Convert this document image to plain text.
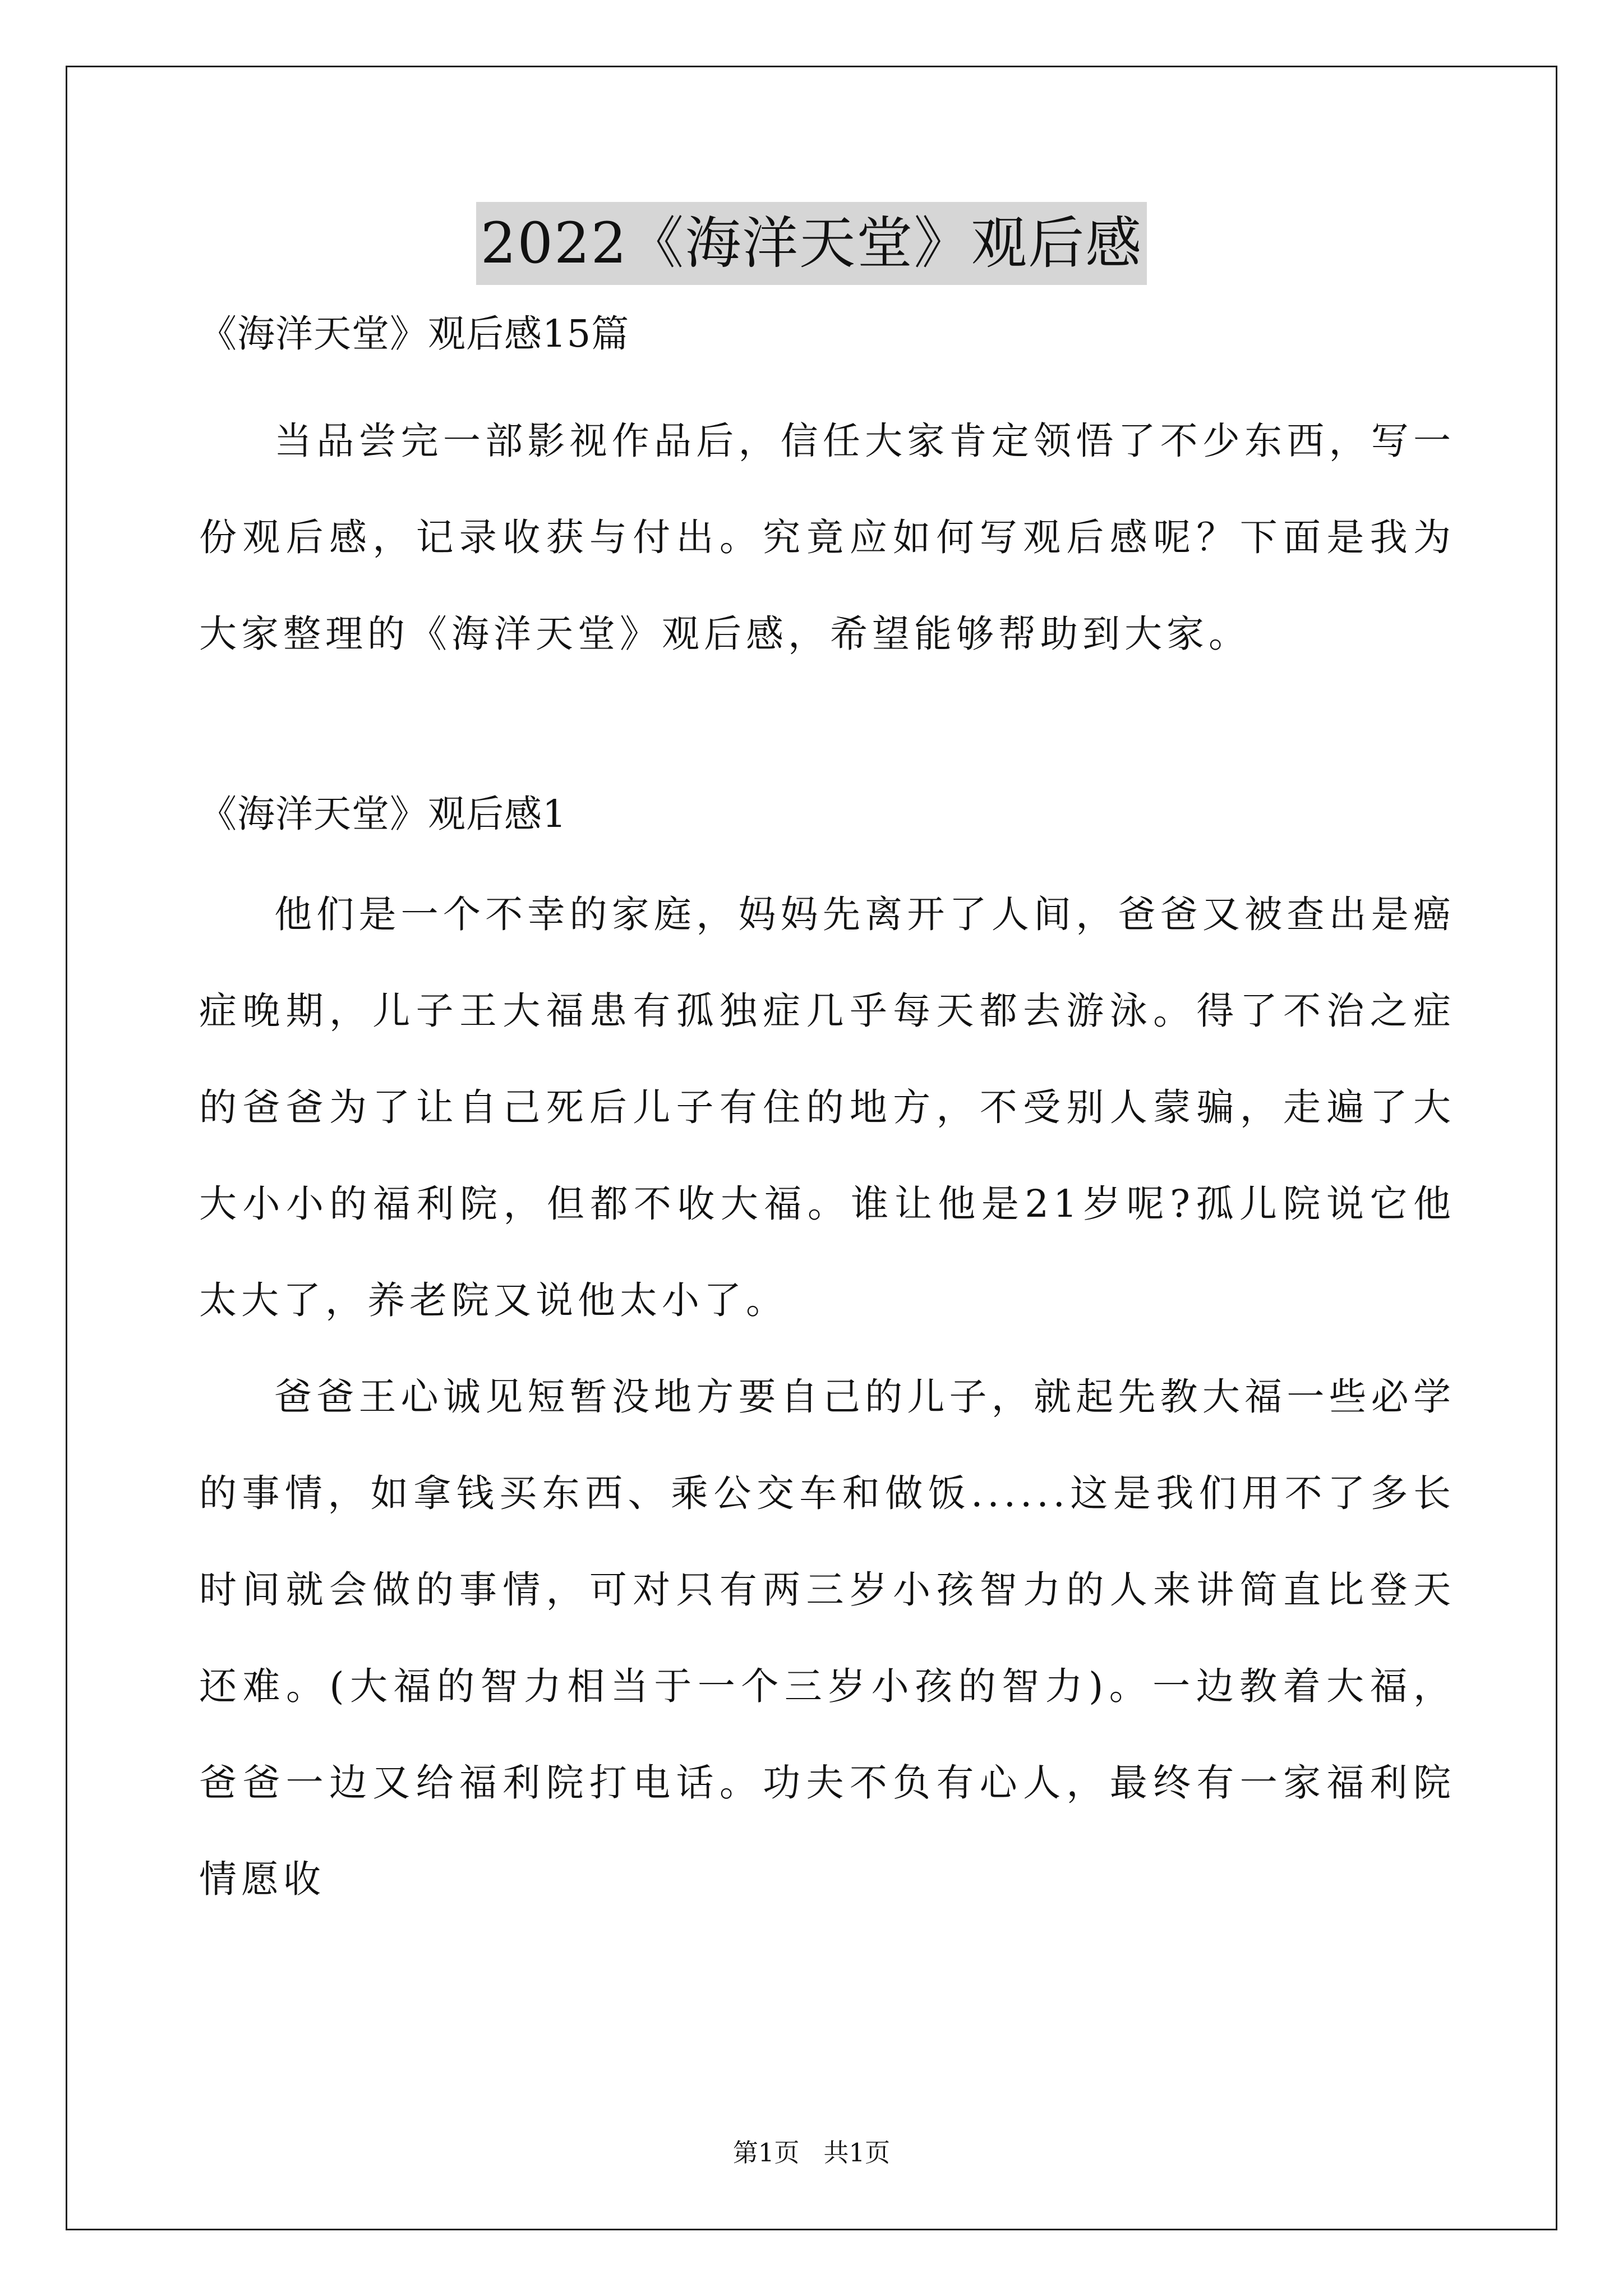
2022《海洋天堂》观后感

《海洋天堂》观后感15篇

当品尝完一部影视作品后，信任大家肯定领悟了不少东西，写一份观后感，记录收获与付出。究竟应如何写观后感呢？下面是我为大家整理的《海洋天堂》观后感，希望能够帮助到大家。

《海洋天堂》观后感1

他们是一个不幸的家庭，妈妈先离开了人间，爸爸又被查出是癌症晚期，儿子王大福患有孤独症几乎每天都去游泳。得了不治之症的爸爸为了让自己死后儿子有住的地方，不受别人蒙骗，走遍了大大小小的福利院，但都不收大福。谁让他是21岁呢?孤儿院说它他太大了，养老院又说他太小了。

爸爸王心诚见短暂没地方要自己的儿子，就起先教大福一些必学的事情，如拿钱买东西、乘公交车和做饭......这是我们用不了多长时间就会做的事情，可对只有两三岁小孩智力的人来讲简直比登天还难。(大福的智力相当于一个三岁小孩的智力)。一边教着大福，爸爸一边又给福利院打电话。功夫不负有心人，最终有一家福利院情愿收

第1页   共1页
